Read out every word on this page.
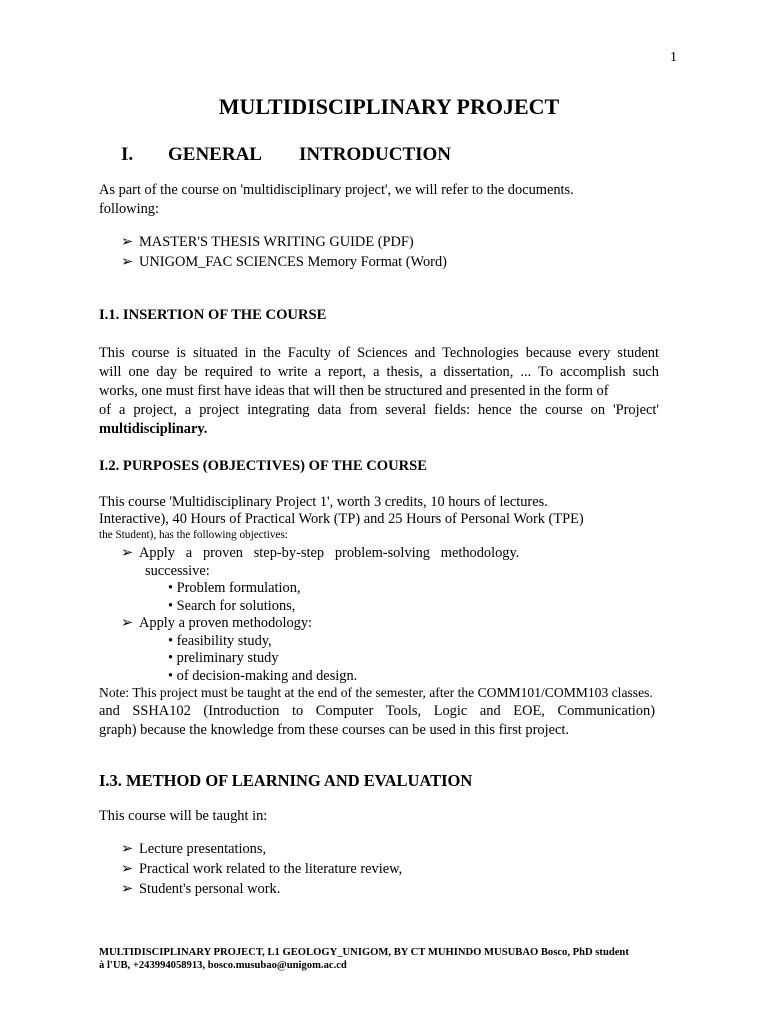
1
MULTIDISCIPLINARY PROJECT
I. GENERAL INTRODUCTION
As part of the course on 'multidisciplinary project', we will refer to the documents.
following:
➢ MASTER'S THESIS WRITING GUIDE (PDF)
➢ UNIGOM_FAC SCIENCES Memory Format (Word)
I.1. INSERTION OF THE COURSE
This course is situated in the Faculty of Sciences and Technologies because every student
will one day be required to write a report, a thesis, a dissertation, ... To accomplish such
works, one must first have ideas that will then be structured and presented in the form of
of a project, a project integrating data from several fields: hence the course on 'Project'
multidisciplinary.
I.2. PURPOSES (OBJECTIVES) OF THE COURSE
This course 'Multidisciplinary Project 1', worth 3 credits, 10 hours of lectures.
Interactive), 40 Hours of Practical Work (TP) and 25 Hours of Personal Work (TPE)
the Student), has the following objectives:
➢ Apply   a   proven   step-by-step   problem-solving   methodology.
successive:
• Problem formulation,
• Search for solutions,
➢ Apply a proven methodology:
• feasibility study,
• preliminary study
• of decision-making and design.
Note: This project must be taught at the end of the semester, after the COMM101/COMM103 classes.
and SSHA102 (Introduction to Computer Tools, Logic and EOE, Communication)
graph) because the knowledge from these courses can be used in this first project.
I.3. METHOD OF LEARNING AND EVALUATION
This course will be taught in:
➢ Lecture presentations,
➢ Practical work related to the literature review,
➢ Student's personal work.
MULTIDISCIPLINARY PROJECT, L1 GEOLOGY_UNIGOM, BY CT MUHINDO MUSUBAO Bosco, PhD student
à l'UB, +243994058913, bosco.musubao@unigom.ac.cd
